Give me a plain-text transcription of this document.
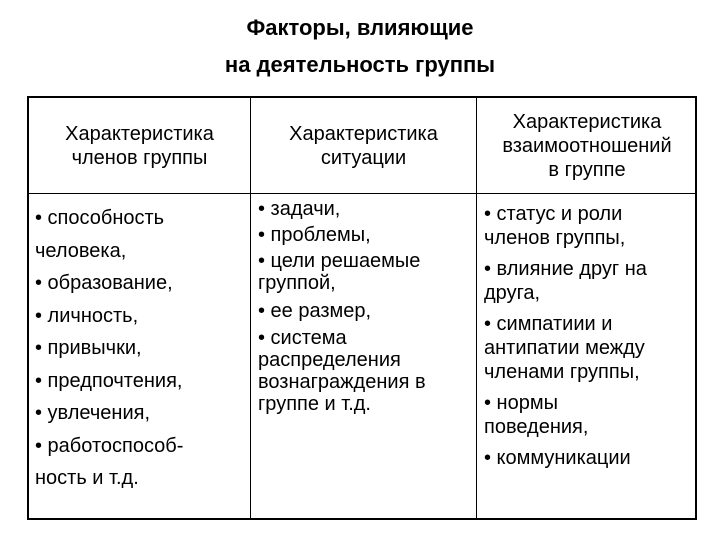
Факторы, влияющие
на деятельность группы
Характеристика
членов группы
Характеристика
ситуации
Характеристика
взаимоотношений
в группе
• способность
человека,
• образование,
• личность,
• привычки,
• предпочтения,
• увлечения,
• работоспособ-
ность и т.д.
• задачи,
• проблемы,
• цели решаемые
группой,
• ее размер,
• система
распределения
вознаграждения в
группе и т.д.
• статус и роли
членов группы,
• влияние друг на
друга,
• симпатиии и
антипатии между
членами группы,
• нормы
поведения,
• коммуникации
